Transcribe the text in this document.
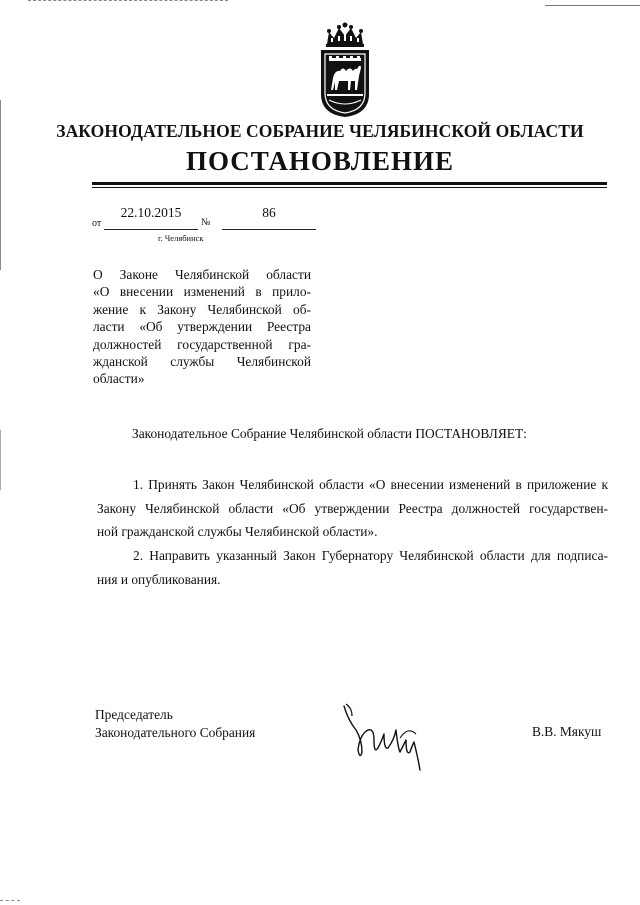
ЗАКОНОДАТЕЛЬНОЕ СОБРАНИЕ ЧЕЛЯБИНСКОЙ ОБЛАСТИ
ПОСТАНОВЛЕНИЕ
от
22.10.2015
№
86
г. Челябинск
О Законе Челябинской области
«О внесении изменений в прило-
жение к Закону Челябинской об-
ласти «Об утверждении Реестра
должностей государственной гра-
жданской службы Челябинской
области»
Законодательное Собрание Челябинской области ПОСТАНОВЛЯЕТ:
1. Принять Закон Челябинской области «О внесении изменений в приложение к
Закону Челябинской области «Об утверждении Реестра должностей государствен-
ной гражданской службы Челябинской области».
2. Направить указанный Закон Губернатору Челябинской области для подписа-
ния и опубликования.
Председатель
Законодательного Собрания	В.В. Мякуш
